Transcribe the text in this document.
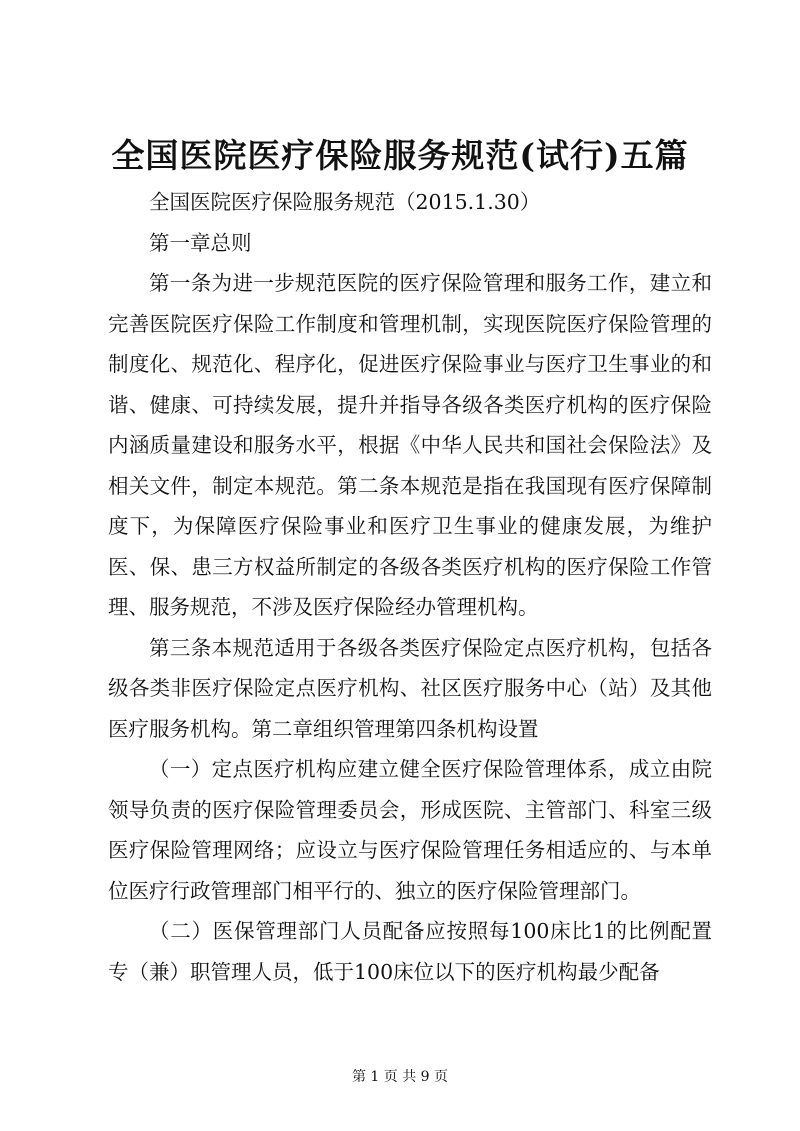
全国医院医疗保险服务规范(试行)五篇

全国医院医疗保险服务规范（2015.1.30）

第一章总则

第一条为进一步规范医院的医疗保险管理和服务工作，建立和完善医院医疗保险工作制度和管理机制，实现医院医疗保险管理的制度化、规范化、程序化，促进医疗保险事业与医疗卫生事业的和谐、健康、可持续发展，提升并指导各级各类医疗机构的医疗保险内涵质量建设和服务水平，根据《中华人民共和国社会保险法》及相关文件，制定本规范。第二条本规范是指在我国现有医疗保障制度下，为保障医疗保险事业和医疗卫生事业的健康发展，为维护医、保、患三方权益所制定的各级各类医疗机构的医疗保险工作管理、服务规范，不涉及医疗保险经办管理机构。

第三条本规范适用于各级各类医疗保险定点医疗机构，包括各级各类非医疗保险定点医疗机构、社区医疗服务中心（站）及其他医疗服务机构。第二章组织管理第四条机构设置

（一）定点医疗机构应建立健全医疗保险管理体系，成立由院领导负责的医疗保险管理委员会，形成医院、主管部门、科室三级医疗保险管理网络；应设立与医疗保险管理任务相适应的、与本单位医疗行政管理部门相平行的、独立的医疗保险管理部门。

（二）医保管理部门人员配备应按照每100床比1的比例配置专（兼）职管理人员，低于100床位以下的医疗机构最少配备

第 1 页 共 9 页
